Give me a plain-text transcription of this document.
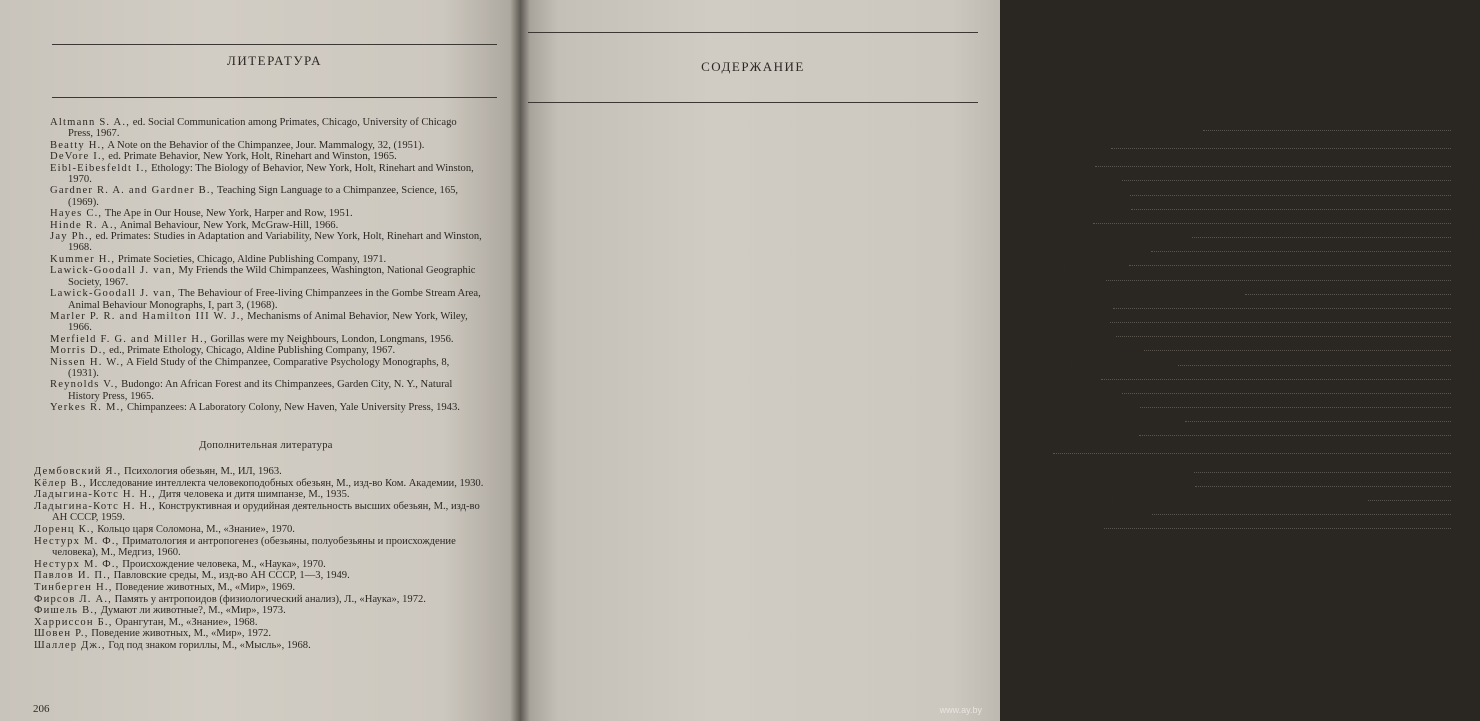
ЛИТЕРАТУРА

Altmann S. A., ed. Social Communication among Primates, Chicago, University of Chicago Press, 1967.

Beatty H., A Note on the Behavior of the Chimpanzee, Jour. Mammalogy, 32, (1951).

DeVore I., ed. Primate Behavior, New York, Holt, Rinehart and Winston, 1965.

Eibl-Eibesfeldt I., Ethology: The Biology of Behavior, New York, Holt, Rinehart and Winston, 1970.

Gardner R. A. and Gardner B., Teaching Sign Language to a Chimpanzee, Science, 165, (1969).

Hayes C., The Ape in Our House, New York, Harper and Row, 1951.

Hinde R. A., Animal Behaviour, New York, McGraw-Hill, 1966.

Jay Ph., ed. Primates: Studies in Adaptation and Variability, New York, Holt, Rinehart and Winston, 1968.

Kummer H., Primate Societies, Chicago, Aldine Publishing Company, 1971.

Lawick-Goodall J. van, My Friends the Wild Chimpanzees, Washington, National Geographic Society, 1967.

Lawick-Goodall J. van, The Behaviour of Free-living Chimpanzees in the Gombe Stream Area, Animal Behaviour Monographs, I, part 3, (1968).

Marler P. R. and Hamilton III W. J., Mechanisms of Animal Behavior, New York, Wiley, 1966.

Merfield F. G. and Miller H., Gorillas were my Neighbours, London, Longmans, 1956.

Morris D., ed., Primate Ethology, Chicago, Aldine Publishing Company, 1967.

Nissen H. W., A Field Study of the Chimpanzee, Comparative Psychology Monographs, 8, (1931).

Reynolds V., Budongo: An African Forest and its Chimpanzees, Garden City, N. Y., Natural History Press, 1965.

Yerkes R. M., Chimpanzees: A Laboratory Colony, New Haven, Yale University Press, 1943.

Дополнительная литература

Дембовский Я., Психология обезьян, М., ИЛ, 1963.

Кёлер В., Исследование интеллекта человекоподобных обезьян, М., изд-во Ком. Академии, 1930.

Ладыгина-Котс Н. Н., Дитя человека и дитя шимпанзе, М., 1935.

Ладыгина-Котс Н. Н., Конструктивная и орудийная деятельность высших обезьян, М., изд-во АН СССР, 1959.

Лоренц К., Кольцо царя Соломона, М., «Знание», 1970.

Нестурх М. Ф., Приматология и антропогенез (обезьяны, полуобезьяны и происхождение человека), М., Медгиз, 1960.

Нестурх М. Ф., Происхождение человека, М., «Наука», 1970.

Павлов И. П., Павловские среды, М., изд-во АН СССР, 1—3, 1949.

Тинберген Н., Поведение животных, М., «Мир», 1969.

Фирсов Л. А., Память у антропоидов (физиологический анализ), Л., «Наука», 1972.

Фишель В., Думают ли животные?, М., «Мир», 1973.

Харриссон Б., Орангутан, М., «Знание», 1968.

Шовен Р., Поведение животных, М., «Мир», 1972.

Шаллер Дж., Год под знаком гориллы, М., «Мысль», 1968.

206
СОДЕРЖАНИЕ
Предисловие к русскому изданию
Предисловие	5
1. Начало	9
2. Первые шаги	13
3. Первые успехи	22
4. Жизнь в лагере	30
5. Дожди	39
6. Шимпанзе приходят в лагерь	48
7. Станция подкормки	56
8. Фло и ее семья	67
9. Иерархия	77
10. Рост научно-исследовательского центра	84
11. Младенец	97
12. Детеныш	108
13. Подросток	118
14. В мире взрослых	126
15. Павианы и хищничество	134
16. Смерть	142
17. Мать и дитя	153
18. В тени человека	162
19. Бесчеловечность человека	172
20. Вместо эпилога	181
185
Приложение I. Стадии развития	193
Приложение II. Мимика и звуки	195
Приложение III. Использование предметов в качестве орудий и оружия	199
Приложение IV. Пища	203
Литература	206
www.ay.by
